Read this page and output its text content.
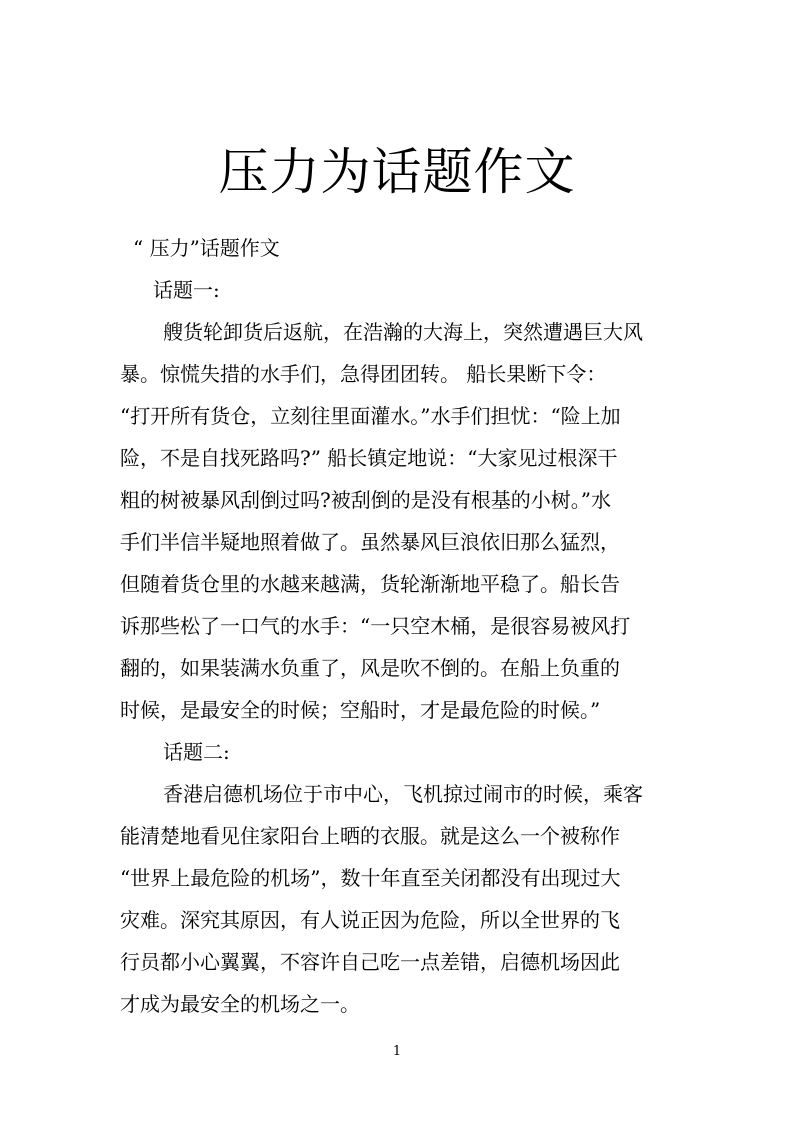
压力为话题作文

“ 压力”话题作文

话题一:

艘货轮卸货后返航，在浩瀚的大海上，突然遭遇巨大风

暴。惊慌失措的水手们，急得团团转。 船长果断下令：

“打开所有货仓，立刻往里面灌水。”水手们担忧：“险上加

险，不是自找死路吗?” 船长镇定地说：“大家见过根深干

粗的树被暴风刮倒过吗?被刮倒的是没有根基的小树。”水

手们半信半疑地照着做了。虽然暴风巨浪依旧那么猛烈，

但随着货仓里的水越来越满，货轮渐渐地平稳了。船长告

诉那些松了一口气的水手：“一只空木桶，是很容易被风打

翻的，如果装满水负重了，风是吹不倒的。在船上负重的

时候，是最安全的时候；空船时，才是最危险的时候。”

话题二:

香港启德机场位于市中心，飞机掠过闹市的时候，乘客

能清楚地看见住家阳台上晒的衣服。就是这么一个被称作

“世界上最危险的机场”，数十年直至关闭都没有出现过大

灾难。深究其原因，有人说正因为危险，所以全世界的飞

行员都小心翼翼，不容许自己吃一点差错，启德机场因此

才成为最安全的机场之一。

1
